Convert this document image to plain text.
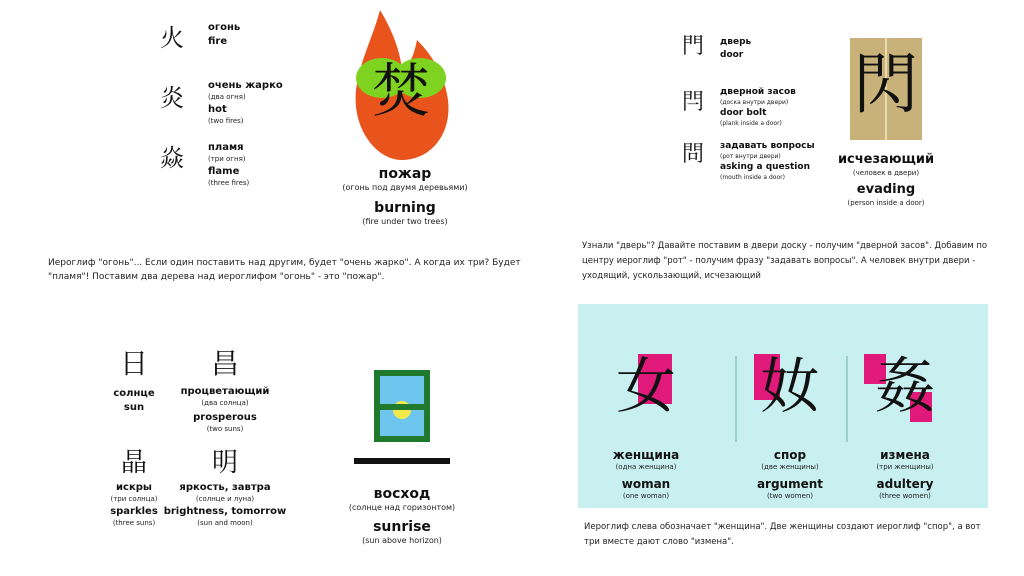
火 огонь
fire
炎 очень жарко
(два огня)
hot
(two fires)
焱 пламя
(три огня)
flame
(three fires)
焚
пожар
(огонь под двумя деревьями)
burning
(fire under two trees)
Иероглиф "огонь"... Если один поставить над другим, будет "очень жарко". А когда их три? Будет "пламя"! Поставим два дерева над иероглифом "огонь" - это "пожар".
門 дверь
door
閂 дверной засов
(доска внутри двери)
door bolt
(plank inside a door)
問 задавать вопросы
(рот внутри двери)
asking a question
(mouth inside a door)
閃
исчезающий
(человек в двери)
evading
(person inside a door)
Узнали "дверь"? Давайте поставим в двери доску - получим "дверной засов". Добавим по центру иероглиф "рот" - получим фразу "задавать вопросы". А человек внутри двери - уходящий, ускользающий, исчезающий
日
солнце
sun
昌
процветающий
(два солнца)
prosperous
(two suns)
晶
искры
(три солнца)
sparkles
(three suns)
明
яркость, завтра
(солнце и луна)
brightness, tomorrow
(sun and moon)
восход
(солнце над горизонтом)
sunrise
(sun above horizon)
女
женщина
(одна женщина)
woman
(one woman)
奻
спор
(две женщины)
argument
(two women)
姦
измена
(три женщины)
adultery
(three women)
Иероглиф слева обозначает "женщина". Две женщины создают иероглиф "спор", а вот три вместе дают слово "измена".
